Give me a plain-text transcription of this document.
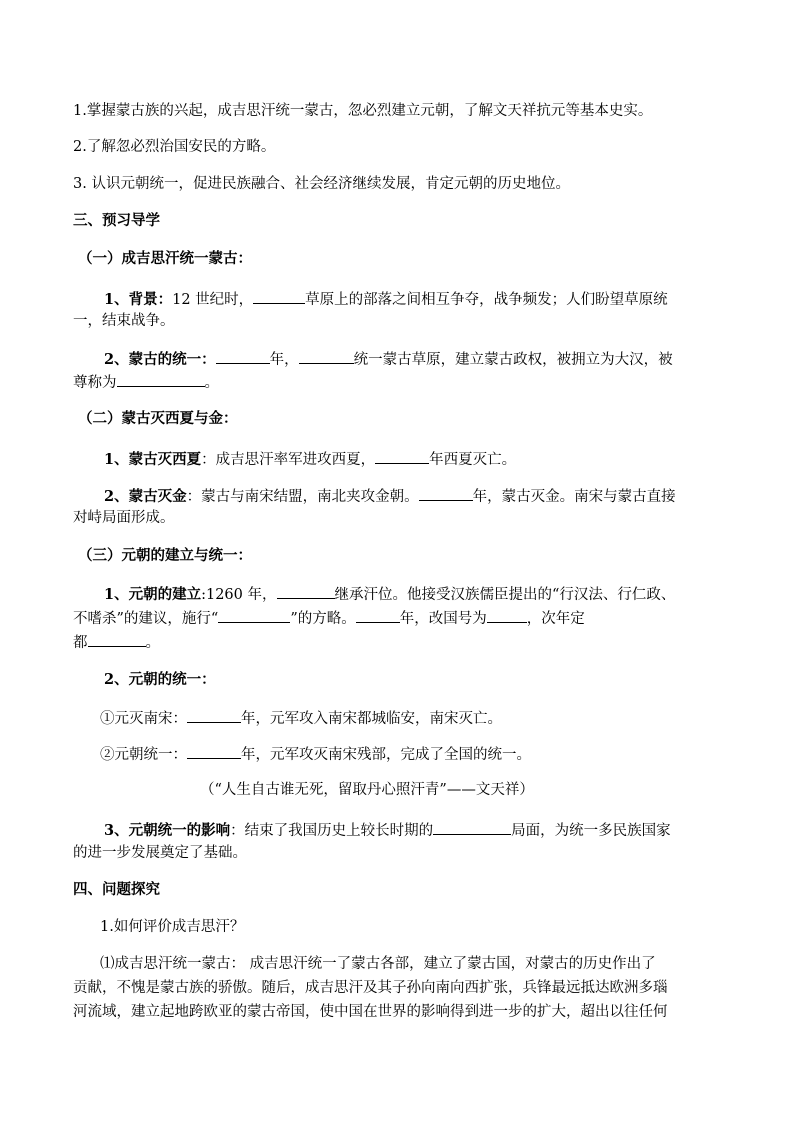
1.掌握蒙古族的兴起，成吉思汗统一蒙古，忽必烈建立元朝，了解文天祥抗元等基本史实。
2.了解忽必烈治国安民的方略。
3. 认识元朝统一，促进民族融合、社会经济继续发展，肯定元朝的历史地位。
三、预习导学
（一）成吉思汗统一蒙古：
1、背景：12 世纪时，	草原上的部落之间相互争夺，战争频发；人们盼望草原统
一，结束战争。
2、蒙古的统一：	年，	统一蒙古草原，建立蒙古政权，被拥立为大汉，被
尊称为	。
（二）蒙古灭西夏与金：
1、蒙古灭西夏：成吉思汗率军进攻西夏，	年西夏灭亡。
2、蒙古灭金：蒙古与南宋结盟，南北夹攻金朝。	年，蒙古灭金。南宋与蒙古直接
对峙局面形成。
（三）元朝的建立与统一：
1、元朝的建立:1260 年，	继承汗位。他接受汉族儒臣提出的“行汉法、行仁政、
不嗜杀”的建议，施行“	”的方略。	年，改国号为	，次年定
都	。
2、元朝的统一：
①元灭南宋：	年，元军攻入南宋都城临安，南宋灭亡。
②元朝统一：	年，元军攻灭南宋残部，完成了全国的统一。
（“人生自古谁无死，留取丹心照汗青”——文天祥）
3、元朝统一的影响：结束了我国历史上较长时期的	局面，为统一多民族国家
的进一步发展奠定了基础。
四、问题探究
1.如何评价成吉思汗？
⑴成吉思汗统一蒙古： 成吉思汗统一了蒙古各部，建立了蒙古国，对蒙古的历史作出了
贡献，不愧是蒙古族的骄傲。随后，成吉思汗及其子孙向南向西扩张，兵锋最远抵达欧洲多瑙
河流域，建立起地跨欧亚的蒙古帝国，使中国在世界的影响得到进一步的扩大，超出以往任何
